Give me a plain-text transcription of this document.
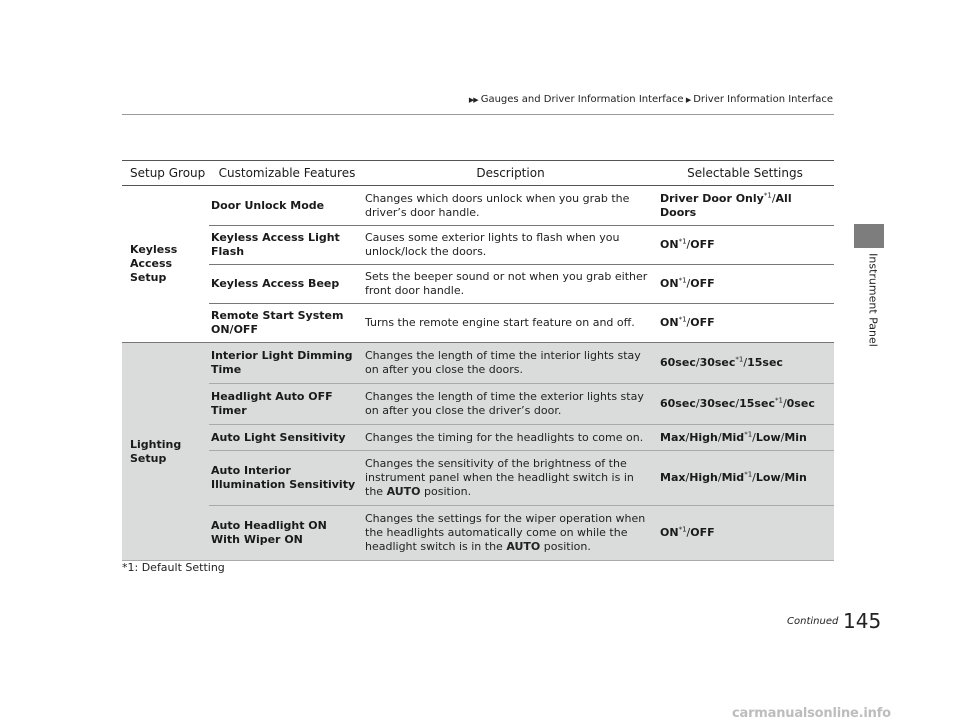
▶▶ Gauges and Driver Information Interface ▶ Driver Information Interface
Instrument Panel
Setup Group	Customizable Features	Description	Selectable Settings
Keyless
Access
Setup	Door Unlock Mode	Changes which doors unlock when you grab the driver’s door handle.	Driver Door Only$^{*1}$/All Doors
	Keyless Access Light Flash	Causes some exterior lights to flash when you unlock/lock the doors.	ON$^{*1}$/OFF
	Keyless Access Beep	Sets the beeper sound or not when you grab either front door handle.	ON$^{*1}$/OFF
	Remote Start System ON/OFF	Turns the remote engine start feature on and off.	ON$^{*1}$/OFF
Lighting
Setup	Interior Light Dimming Time	Changes the length of time the interior lights stay on after you close the doors.	$60\sec/30\sec^{*1}/15\sec$
	Headlight Auto OFF Timer	Changes the length of time the exterior lights stay on after you close the driver’s door.	$60\sec/30\sec/15\sec^{*1}/0\sec$
	Auto Light Sensitivity	Changes the timing for the headlights to come on.	Max/High/Mid$^{*1}$/Low/Min
	Auto Interior Illumination Sensitivity	Changes the sensitivity of the brightness of the instrument panel when the headlight switch is in the AUTO position.	Max/High/Mid$^{*1}$/Low/Min
	Auto Headlight ON With Wiper ON	Changes the settings for the wiper operation when the headlights automatically come on while the headlight switch is in the AUTO position.	ON$^{*1}$/OFF
*1: Default Setting
Continued 145
carmanualsonline.info
